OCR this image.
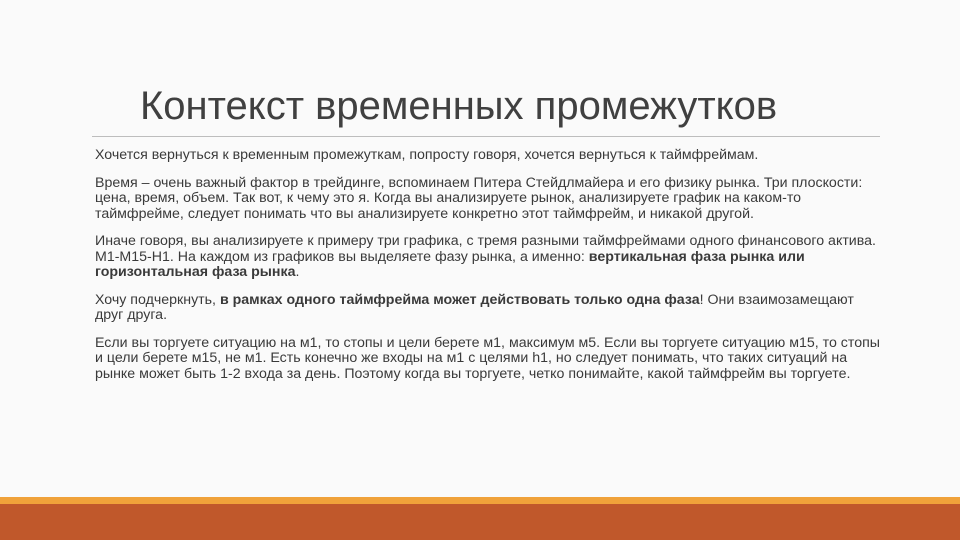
Контекст временных промежутков

Хочется вернуться к временным промежуткам, попросту говоря, хочется вернуться к таймфреймам.

Время – очень важный фактор в трейдинге, вспоминаем Питера Стейдлмайера и его физику рынка. Три плоскости: цена, время, объем. Так вот, к чему это я. Когда вы анализируете рынок, анализируете график на каком-то таймфрейме, следует понимать что вы анализируете конкретно этот таймфрейм, и никакой другой.

Иначе говоря, вы анализируете к примеру три графика, с тремя разными таймфреймами одного финансового актива. M1-M15-H1. На каждом из графиков вы выделяете фазу рынка, а именно: вертикальная фаза рынка или горизонтальная фаза рынка.

Хочу подчеркнуть, в рамках одного таймфрейма может действовать только одна фаза! Они взаимозамещают друг друга.

Если вы торгуете ситуацию на м1, то стопы и цели берете м1, максимум м5. Если вы торгуете ситуацию м15, то стопы и цели берете м15, не м1. Есть конечно же входы на м1 с целями h1, но следует понимать, что таких ситуаций на рынке может быть 1-2 входа за день. Поэтому когда вы торгуете, четко понимайте, какой таймфрейм вы торгуете.
